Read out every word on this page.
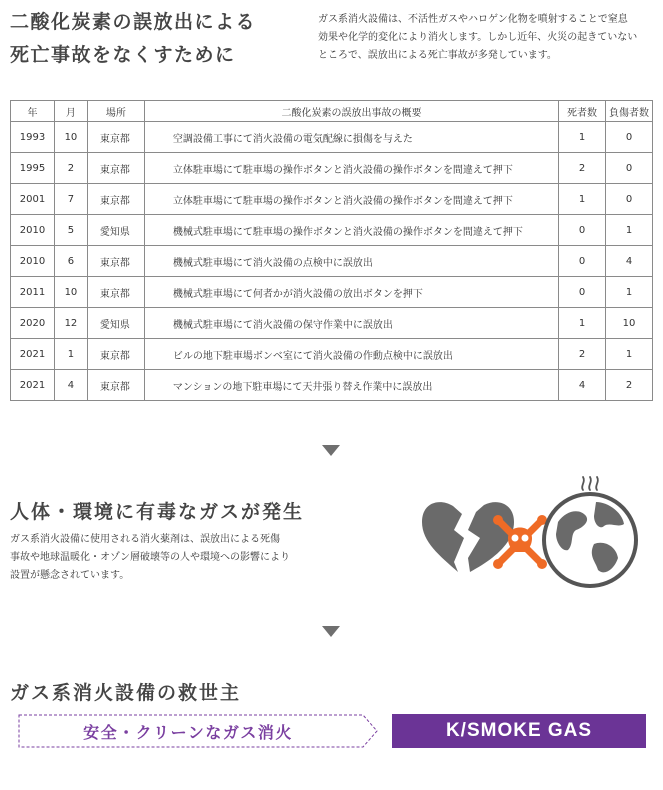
二酸化炭素の誤放出による
死亡事故をなくすために
ガス系消火設備は、不活性ガスやハロゲン化物を噴射することで窒息
効果や化学的変化により消火します。しかし近年、火災の起きていない
ところで、誤放出による死亡事故が多発しています。
年	月	場所	二酸化炭素の誤放出事故の概要	死者数	負傷者数
1993	10	東京都	空調設備工事にて消火設備の電気配線に損傷を与えた	1	0
1995	2	東京都	立体駐車場にて駐車場の操作ボタンと消火設備の操作ボタンを間違えて押下	2	0
2001	7	東京都	立体駐車場にて駐車場の操作ボタンと消火設備の操作ボタンを間違えて押下	1	0
2010	5	愛知県	機械式駐車場にて駐車場の操作ボタンと消火設備の操作ボタンを間違えて押下	0	1
2010	6	東京都	機械式駐車場にて消火設備の点検中に誤放出	0	4
2011	10	東京都	機械式駐車場にて何者かが消火設備の放出ボタンを押下	0	1
2020	12	愛知県	機械式駐車場にて消火設備の保守作業中に誤放出	1	10
2021	1	東京都	ビルの地下駐車場ボンベ室にて消火設備の作動点検中に誤放出	2	1
2021	4	東京都	マンションの地下駐車場にて天井張り替え作業中に誤放出	4	2
人体・環境に有毒なガスが発生
ガス系消火設備に使用される消火薬剤は、誤放出による死傷
事故や地球温暖化・オゾン層破壊等の人や環境への影響により
設置が懸念されています。
ガス系消火設備の救世主
安全・クリーンなガス消火	K/SMOKE GAS
